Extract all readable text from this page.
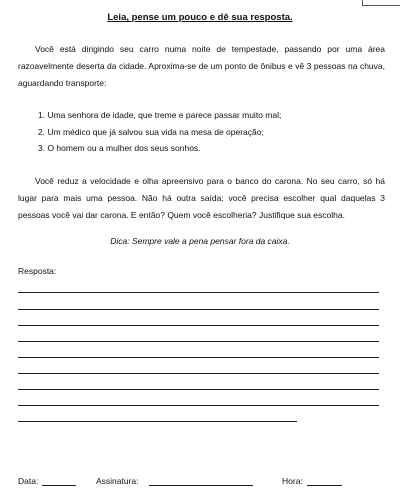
Leia, pense um pouco e dê sua resposta.

Você está dirigindo seu carro numa noite de tempestade, passando por uma área razoavelmente deserta da cidade. Aproxima-se de um ponto de ônibus e vê 3 pessoas na chuva, aguardando transporte:

1. Uma senhora de idade, que treme e parece passar muito mal;
2. Um médico que já salvou sua vida na mesa de operação;
3. O homem ou a mulher dos seus sonhos.

Você reduz a velocidade e olha apreensivo para o banco do carona. No seu carro, só há lugar para mais uma pessoa. Não há outra saída: você precisa escolher qual daquelas 3 pessoas você vai dar carona. E então? Quem você escolheria? Justifique sua escolha.

Dica: Sempre vale a pena pensar fora da caixa.

Resposta:

Data:	Assinatura:	Hora:
